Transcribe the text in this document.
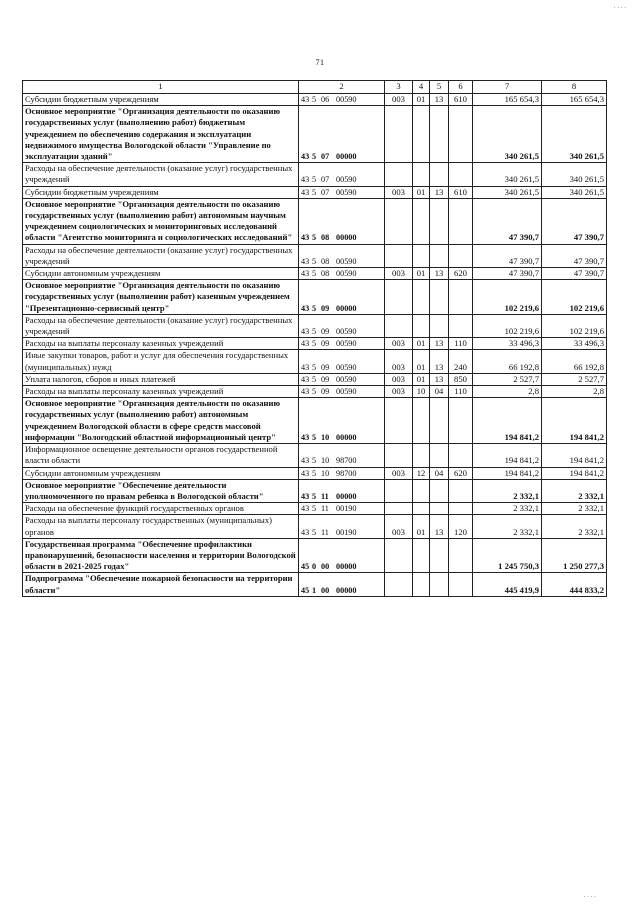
71
. . . .
. . . .
1	2	3	4	5	6	7	8
Субсидии бюджетным учреждениям	43 5 06 00590	003	01	13	610	165 654,3	165 654,3
Основное мероприятие "Организация деятельности по оказанию государственных услуг (выполнению работ) бюджетным учреждением по обеспечению содержания и эксплуатации недвижимого имущества Вологодской области "Управление по эксплуатации зданий"	43 5 07 00000					340 261,5	340 261,5
Расходы на обеспечение деятельности (оказание услуг) государственных учреждений	43 5 07 00590					340 261,5	340 261,5
Субсидии бюджетным учреждениям	43 5 07 00590	003	01	13	610	340 261,5	340 261,5
Основное мероприятие "Организация деятельности по оказанию государственных услуг (выполнению работ) автономным научным учреждением социологических и мониторинговых исследований области "Агентство мониторинга и социологических исследований"	43 5 08 00000					47 390,7	47 390,7
Расходы на обеспечение деятельности (оказание услуг) государственных учреждений	43 5 08 00590					47 390,7	47 390,7
Субсидии автономным учреждениям	43 5 08 00590	003	01	13	620	47 390,7	47 390,7
Основное мероприятие "Организация деятельности по оказанию государственных услуг (выполнении работ) казенным учреждением "Презентационно-сервисный центр"	43 5 09 00000					102 219,6	102 219,6
Расходы на обеспечение деятельности (оказание услуг) государственных учреждений	43 5 09 00590					102 219,6	102 219,6
Расходы на выплаты персоналу казенных учреждений	43 5 09 00590	003	01	13	110	33 496,3	33 496,3
Иные закупки товаров, работ и услуг для обеспечения государственных (муниципальных) нужд	43 5 09 00590	003	01	13	240	66 192,8	66 192,8
Уплата налогов, сборов и иных платежей	43 5 09 00590	003	01	13	850	2 527,7	2 527,7
Расходы на выплаты персоналу казенных учреждений	43 5 09 00590	003	10	04	110	2,8	2,8
Основное мероприятие "Организация деятельности по оказанию государственных услуг (выполнению работ) автономным учреждением Вологодской области в сфере средств массовой информации "Вологодский областной информационный центр"	43 5 10 00000					194 841,2	194 841,2
Информационное освещение деятельности органов государственной власти области	43 5 10 98700					194 841,2	194 841,2
Субсидии автономным учреждениям	43 5 10 98700	003	12	04	620	194 841,2	194 841,2
Основное мероприятие "Обеспечение деятельности уполномоченного по правам ребенка в Вологодской области"	43 5 11 00000					2 332,1	2 332,1
Расходы на обеспечение функций государственных органов	43 5 11 00190					2 332,1	2 332,1
Расходы на выплаты персоналу государственных (муниципальных) органов	43 5 11 00190	003	01	13	120	2 332,1	2 332,1
Государственная программа "Обеспечение профилактики правонарушений, безопасности населения и территории Вологодской области в 2021-2025 годах"	45 0 00 00000					1 245 750,3	1 250 277,3
Подпрограмма "Обеспечение пожарной безопасности на территории области"	45 1 00 00000					445 419,9	444 833,2
